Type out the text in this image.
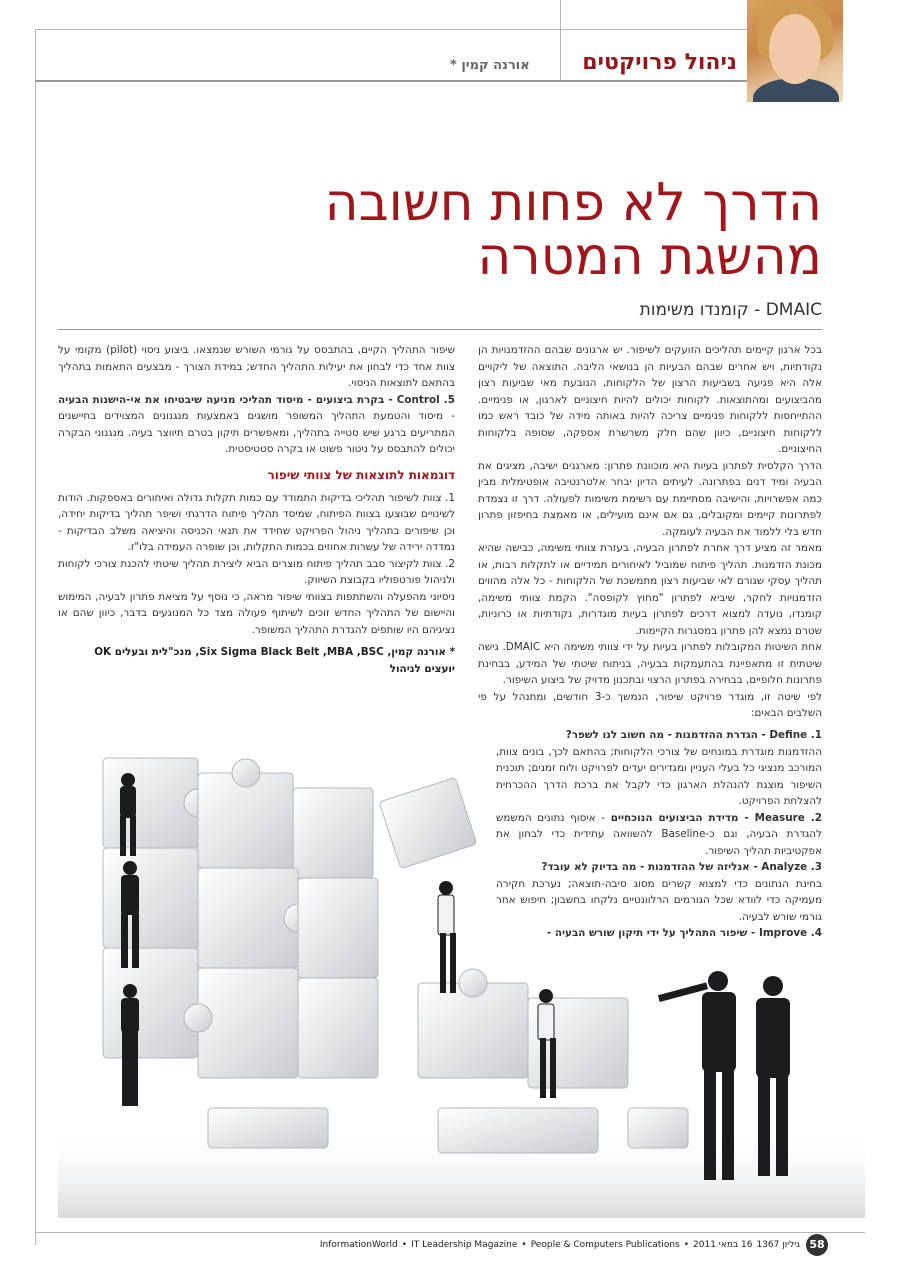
ניהול פרויקטים
אורנה קמין *
הדרך לא פחות חשובה
מהשגת המטרה
DMAIC - קומנדו משימות

בכל ארגון קיימים תהליכים הזועקים לשיפור. יש ארגונים שבהם ההזדמנויות הן נקודתיות, ויש אחרים שבהם הבעיות הן בנושאי הליבה. התוצאה של ליקויים אלה היא פגיעה בשביעות הרצון של הלקוחות, הנובעת מאי שביעות רצון מהביצועים ומהתוצאות. לקוחות יכולים להיות חיצוניים לארגון, או פנימיים. ההתייחסות ללקוחות פנימיים צריכה להיות באותה מידה של כובד ראש כמו ללקוחות חיצוניים, כיוון שהם חלק משרשרת אספקה, שסופה בלקוחות החיצוניים.

הדרך הקלסית לפתרון בעיות היא מוכוונת פתרון: מארגנים ישיבה, מציגים את הבעיה ומיד דנים בפתרונה. לעיתים הדיון יבחר אלטרנטיבה אופטימלית מבין כמה אפשרויות, והישיבה מסתיימת עם רשימת משימות לפעולה. דרך זו נצמדת לפתרונות קיימים ומקובלים, גם אם אינם מועילים, או מאמצת בחיפזון פתרון חדש בלי ללמוד את הבעיה לעומקה.

מאמר זה מציע דרך אחרת לפתרון הבעיה, בעזרת צוותי משימה, כבישה שהיא מכונת הזדמנות. תהליך פיתוח שמוביל לאיחורים תמידיים או לתקלות רבות, או תהליך עסקי שגורם לאי שביעות רצון מתמשכת של הלקוחות - כל אלה מהווים הזדמנויות לחקר, שיביא לפתרון "מחוץ לקופסה". הקמת צוותי משימה, קומנדו, נועדה למצוא דרכים לפתרון בעיות מוגדרות, נקודתיות או כרוניות, שטרם נמצא להן פתרון במסגרות הקיימות.

אחת השיטות המקובלות לפתרון בעיות על ידי צוותי משימה היא DMAIC. גישה שיטתית זו מתאפיינת בהתעמקות בבעיה, בניתוח שיטתי של המידע, בבחינת פתרונות חלופיים, בבחירה בפתרון הרצוי ובתכנון מדויק של ביצוע השיפור.

לפי שיטה זו, מוגדר פרויקט שיפור, הנמשך כ-3 חודשים, ומתנהל על פי השלבים הבאים:

1. Define - הגדרת ההזדמנות - מה חשוב לנו לשפר?

ההזדמנות מוגדרת במונחים של צורכי הלקוחות; בהתאם לכך, בונים צוות, המורכב מנציגי כל בעלי העניין ומגדירים יעדים לפרויקט ולוח זמנים; תוכנית השיפור מוצגת להנהלת הארגון כדי לקבל את ברכת הדרך ההכרחית להצלחת הפרויקט.

2. Measure - מדידת הביצועים הנוכחיים - איסוף נתונים המשמש להגדרת הבעיה, וגם כ-Baseline להשוואה עתידית כדי לבחון את אפקטיביות תהליך השיפור.

3. Analyze - אנליזה של ההזדמנות - מה בדיוק לא עובד?

בחינת הנתונים כדי למצוא קשרים מסוג סיבה-תוצאה; נערכת חקירה מעמיקה כדי לוודא שכל הגורמים הרלוונטיים נלקחו בחשבון; חיפוש אחר גורמי שורש לבעיה.

4. Improve - שיפור התהליך על ידי תיקון שורש הבעיה -

שיפור התהליך הקיים, בהתבסס על גורמי השורש שנמצאו. ביצוע ניסוי (pilot) מקומי על צוות אחד כדי לבחון את יעילות התהליך החדש; במידת הצורך - מבצעים התאמות בתהליך בהתאם לתוצאות הניסוי.

5. Control - בקרת ביצועים - מיסוד תהליכי מניעה שיבטיחו את אי-הישנות הבעיה - מיסוד והטמעת התהליך המשופר מושגים באמצעות מנגנונים המצוידים בחיישנים המתריעים ברגע שיש סטייה בתהליך, ומאפשרים תיקון בטרם תיווצר בעיה. מנגנוני הבקרה יכולים להתבסס על ניטור פשוט או בקרה סטטיסטית.

דוגמאות לתוצאות של צוותי שיפור

1. צוות לשיפור תהליכי בדיקות התמודד עם כמות תקלות גדולה ואיחורים באספקות. הודות לשינויים שבוצעו בצוות הפיתוח, שמיסד תהליך פיתוח הדרגתי ושיפר תהליך בדיקות יחידה, וכן שיפורים בתהליך ניהול הפרויקט שחידד את תנאי הכניסה והיציאה משלב הבדיקות - נמדדה ירידה של עשרות אחוזים בכמות התקלות, וכן שופרה העמידה בלו"ז.

2. צוות לקיצור סבב תהליך פיתוח מוצרים הביא ליצירת תהליך שיטתי להכנת צורכי לקוחות ולניהול פורטפוליו בקבוצת השיווק.

ניסיוני מהפעלה והשתתפות בצוותי שיפור מראה, כי נוסף על מציאת פתרון לבעיה, המימוש והיישום של התהליך החדש זוכים לשיתוף פעולה מצד כל המנוגעים בדבר, כיוון שהם או נציגיהם היו שותפים להגדרת התהליך המשופר.

* אורנה קמין, Six Sigma Black Belt ,MBA ,BSC, מנכ"לית ובעלים OK
יועצים לניהול

58
גיליון 1367
16 במאי 2011
•
People & Computers Publications
•
IT Leadership Magazine
•
InformationWorld
